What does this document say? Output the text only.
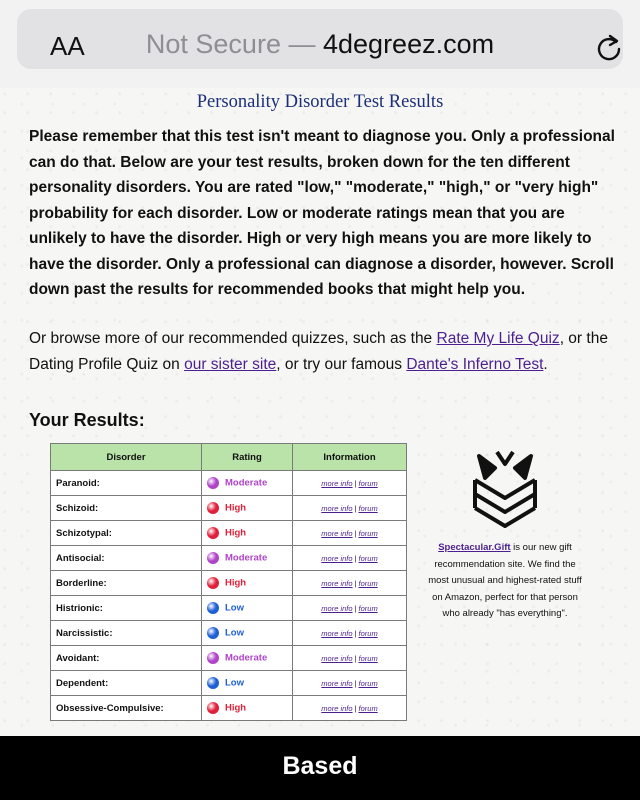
AA	Not Secure — 4degreez.com
Personality Disorder Test Results
Please remember that this test isn't meant to diagnose you. Only a professional can do that. Below are your test results, broken down for the ten different personality disorders. You are rated "low," "moderate," "high," or "very high" probability for each disorder. Low or moderate ratings mean that you are unlikely to have the disorder. High or very high means you are more likely to have the disorder. Only a professional can diagnose a disorder, however. Scroll down past the results for recommended books that might help you.
Or browse more of our recommended quizzes, such as the Rate My Life Quiz, or the Dating Profile Quiz on our sister site, or try our famous Dante's Inferno Test.
Your Results:
Disorder	Rating	Information
Paranoid:	Moderate	more info | forum
Schizoid:	High	more info | forum
Schizotypal:	High	more info | forum
Antisocial:	Moderate	more info | forum
Borderline:	High	more info | forum
Histrionic:	Low	more info | forum
Narcissistic:	Low	more info | forum
Avoidant:	Moderate	more info | forum
Dependent:	Low	more info | forum
Obsessive-Compulsive:	High	more info | forum
Spectacular.Gift is our new gift recommendation site. We find the most unusual and highest-rated stuff on Amazon, perfect for that person who already "has everything".
Based
